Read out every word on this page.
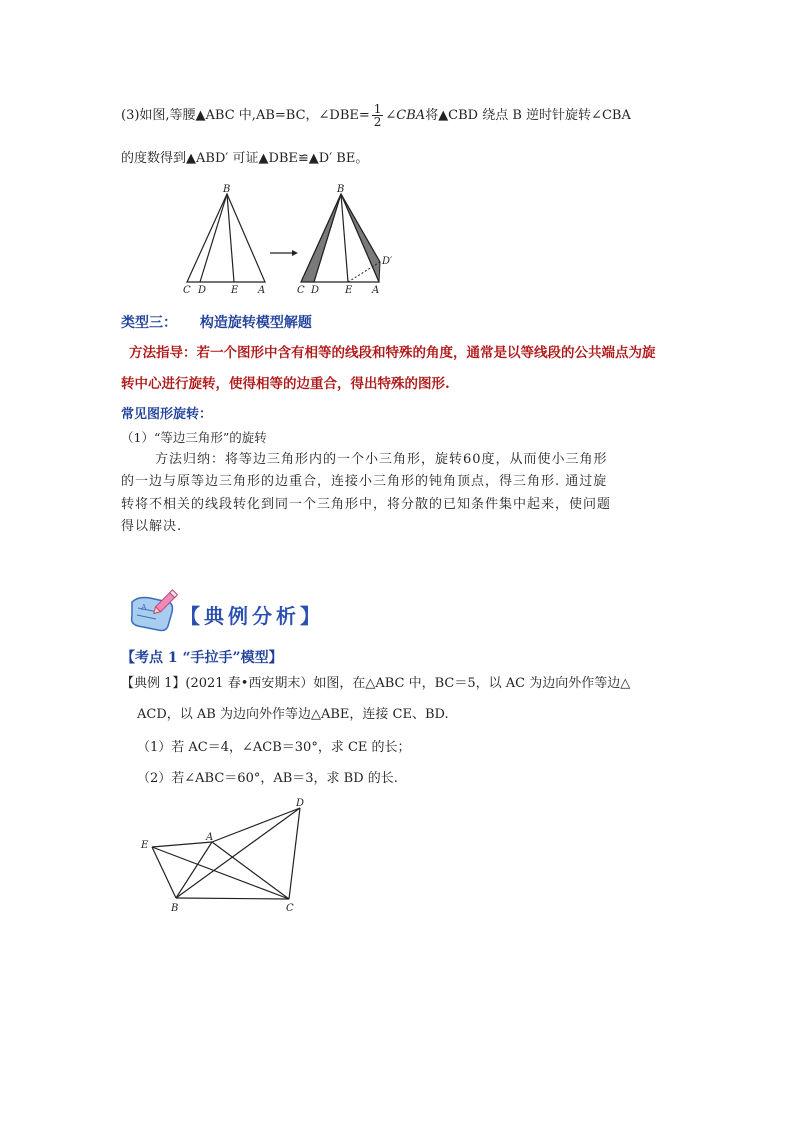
(3)如图,等腰▲ABC 中,AB=BC，∠DBE= $\frac{1}{2}$ ∠CBA将▲CBD 绕点 B 逆时针旋转∠CBA
的度数得到▲ABD′ 可证▲DBE≌▲D′ BE。
B
C D E A
B
C D	E A
D′
类型三： 构造旋转模型解题
方法指导：若一个图形中含有相等的线段和特殊的角度，通常是以等线段的公共端点为旋
转中心进行旋转，使得相等的边重合，得出特殊的图形.
常见图形旋转：
（1）“等边三角形”的旋转
方法归纳：将等边三角形内的一个小三角形，旋转60度，从而使小三角形
的一边与原等边三角形的边重合，连接小三角形的钝角顶点，得三角形. 通过旋
转将不相关的线段转化到同一个三角形中，将分散的已知条件集中起来，使问题
得以解决.
A 【典例分析】
【考点 1 “手拉手”模型】
【典例 1】(2021 春•西安期末）如图，在△ABC 中，BC＝5，以 AC 为边向外作等边△
ACD，以 AB 为边向外作等边△ABE，连接 CE、BD.
（1）若 AC＝4，∠ACB＝30°，求 CE 的长；
（2）若∠ABC＝60°，AB＝3，求 BD 的长.
D
A
E
B	C
